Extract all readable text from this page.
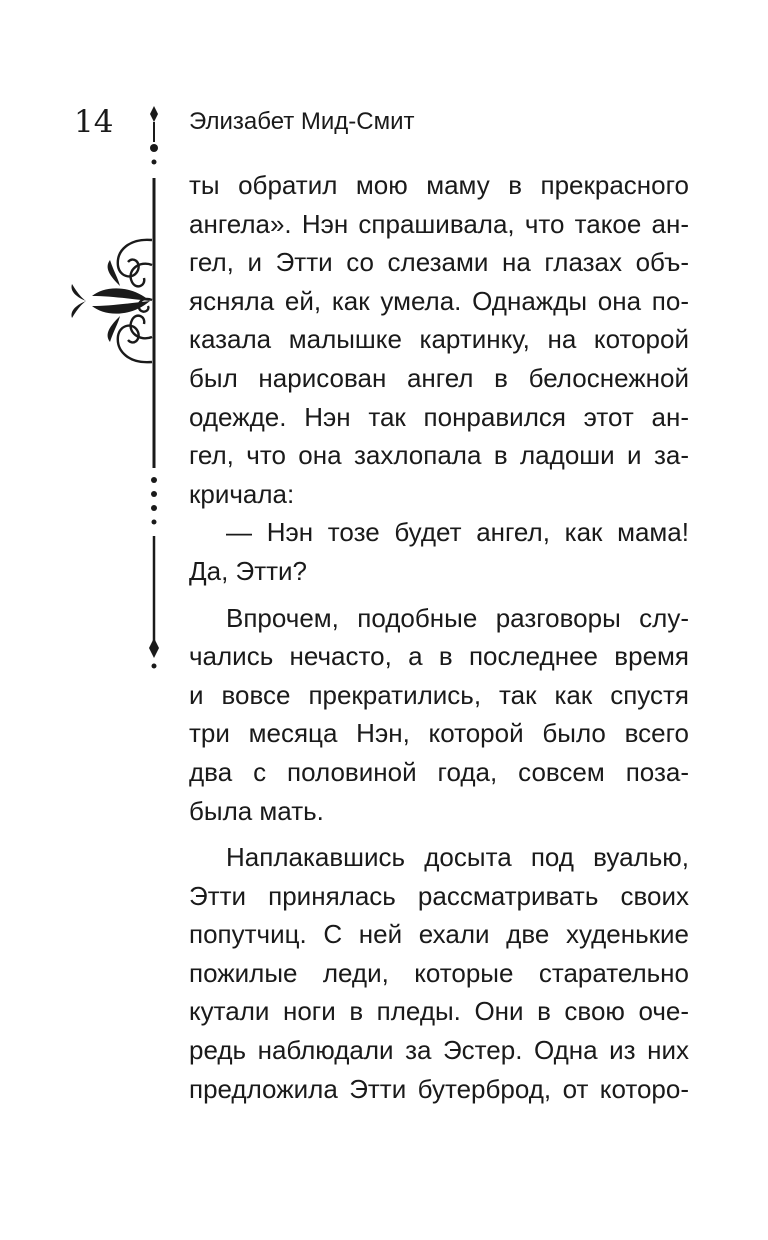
14	Элизабет Мид-Смит
ты обратил мою маму в прекрасного
ангела». Нэн спрашивала, что такое ан-
гел, и Этти со слезами на глазах объ-
ясняла ей, как умела. Однажды она по-
казала малышке картинку, на которой
был нарисован ангел в белоснежной
одежде. Нэн так понравился этот ан-
гел, что она захлопала в ладоши и за-
кричала:
— Нэн тозе будет ангел, как мама!
Да, Этти?
Впрочем, подобные разговоры слу-
чались нечасто, а в последнее время
и вовсе прекратились, так как спустя
три месяца Нэн, которой было всего
два с половиной года, совсем поза-
была мать.
Наплакавшись досыта под вуалью,
Этти принялась рассматривать своих
попутчиц. С ней ехали две худенькие
пожилые леди, которые старательно
кутали ноги в пледы. Они в свою оче-
редь наблюдали за Эстер. Одна из них
предложила Этти бутерброд, от которо-
